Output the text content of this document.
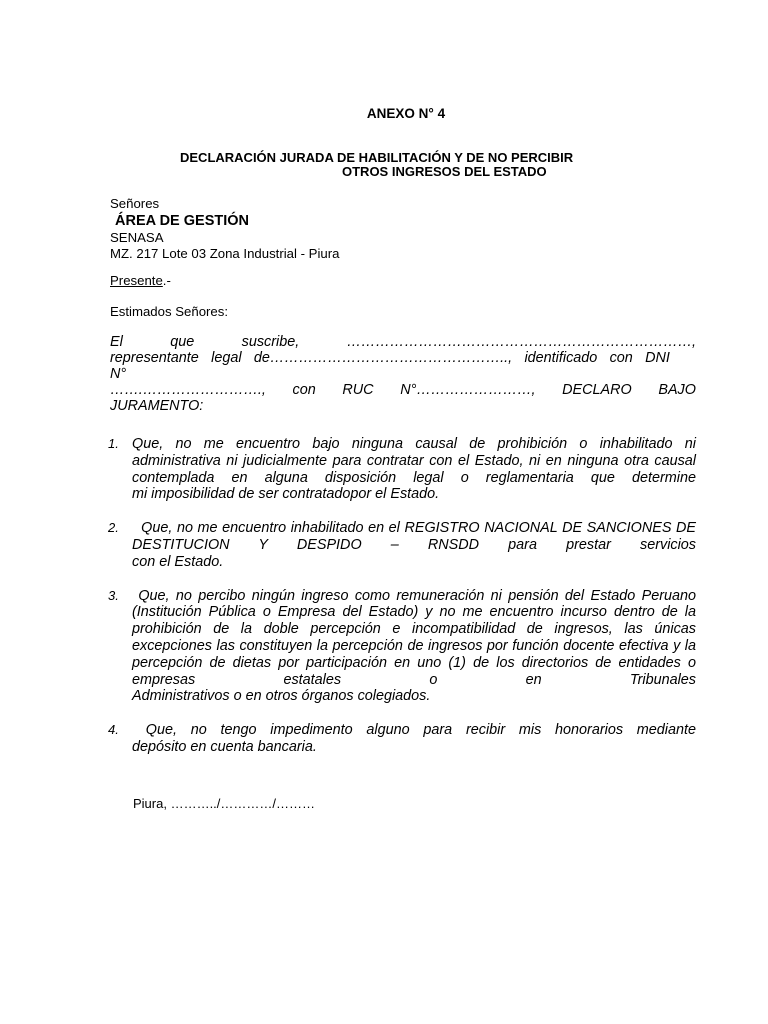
ANEXO N° 4
DECLARACIÓN JURADA DE HABILITACIÓN Y DE NO PERCIBIR
OTROS INGRESOS DEL ESTADO
Señores
ÁREA DE GESTIÓN
SENASA
MZ. 217 Lote 03 Zona Industrial - Piura
Presente.-
Estimados Señores:
El	que	suscribe,	………………………………………………………………,
representante legal de………………………………………….., identificado con DNI
N°
…….……………………., con RUC N°……………………, DECLARO BAJO
JURAMENTO:
1. Que, no me encuentro bajo ninguna causal de prohibición o inhabilitado ni administrativa ni judicialmente para contratar con el Estado, ni en ninguna otra causal contemplada en alguna disposición legal o reglamentaria que determine
mi imposibilidad de ser contratadopor el Estado.
2. Que, no me encuentro inhabilitado en el REGISTRO NACIONAL DE SANCIONES DE DESTITUCION Y DESPIDO – RNSDD para prestar servicios
con el Estado.
3. Que, no percibo ningún ingreso como remuneración ni pensión del Estado Peruano (Institución Pública o Empresa del Estado) y no me encuentro incurso dentro de la prohibición de la doble percepción e incompatibilidad de ingresos, las únicas excepciones las constituyen la percepción de ingresos por función docente efectiva y la percepción de dietas por participación en uno (1) de los directorios de entidades o empresas estatales o en Tribunales
Administrativos o en otros órganos colegiados.
4. Que, no tengo impedimento alguno para recibir mis honorarios mediante
depósito en cuenta bancaria.
Piura, ………../…………/………
